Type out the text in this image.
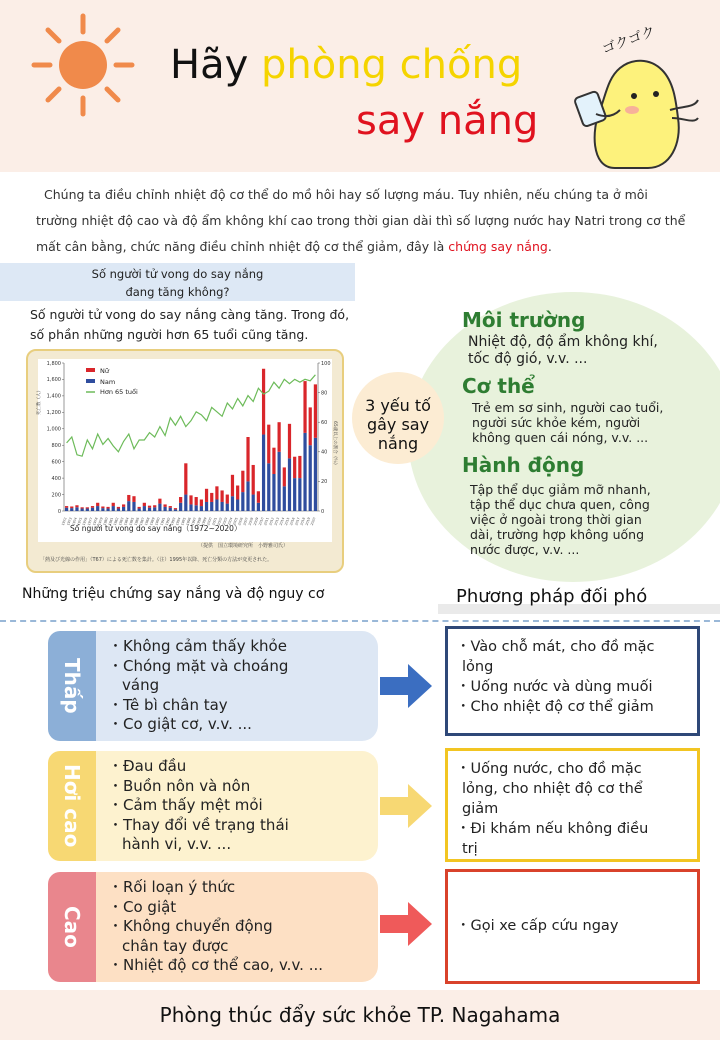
Hãy phòng chống
say nắng
ゴクゴク
Chúng ta điều chỉnh nhiệt độ cơ thể do mồ hôi hay số lượng máu. Tuy nhiên, nếu chúng ta ở môi trường nhiệt độ cao và độ ẩm không khí cao trong thời gian dài thì số lượng nước hay Natri trong cơ thể mất cân bằng, chức năng điều chỉnh nhiệt độ cơ thể giảm, đây là chứng say nắng.
Số người tử vong do say nắng
đang tăng không?
Số người tử vong do say nắng càng tăng. Trong đó, số phần những người hơn 65 tuổi cũng tăng.
0
200
400
600
800
1,000
1,200
1,400
1,600
1,800
0
20
40
60
80
100
1972
1973
1974
1975
1976
1977
1978
1979
1980
1981
1982
1983
1984
1985
1986
1987
1988
1989
1990
1991
1992
1993
1994
1995
1996
1997
1998
1999
2000
2001
2002
2003
2004
2005
2006
2007
2008
2009
2010
2011
2012
2013
2014
2015
2016
2017
2018
2019
2020
死亡数（人）
65歳以上の割合（％）
Nữ
Nam
Hơn 65 tuổi
Số người tử vong do say nắng（1972~2020）
（提供　国立環境研究所　小野雅司氏）
「熱及び光線の作用」（T67）による死亡数を集計。（注）1995年以降、死亡分類の方法が変更された。
3 yếu tố
gây say
nắng
Môi trường
Nhiệt độ, độ ẩm không khí,
tốc độ gió, v.v. ...
Cơ thể
Trẻ em sơ sinh, người cao tuổi,
người sức khỏe kém, người
không quen cái nóng, v.v. ...
Hành động
Tập thể dục giảm mỡ nhanh,
tập thể dục chưa quen, công
việc ở ngoài trong thời gian
dài, trường hợp không uống
nước được, v.v. ...
Những triệu chứng say nắng và độ nguy cơ	Phương pháp đối phó
Thấp
・Không cảm thấy khỏe
・Chóng mặt và choáng
váng
・Tê bì chân tay
・Co giật cơ, v.v. ...
・Vào chỗ mát, cho đồ mặc
lỏng
・Uống nước và dùng muối
・Cho nhiệt độ cơ thể giảm
Hơi cao ・Đau đầu
・Buồn nôn và nôn
・Cảm thấy mệt mỏi
・Thay đổi về trạng thái
hành vi, v.v. ...
・Uống nước, cho đồ mặc
lỏng, cho nhiệt độ cơ thể
giảm
・Đi khám nếu không điều
trị
Cao
・Rối loạn ý thức
・Co giật
・Không chuyển động
chân tay được
・Nhiệt độ cơ thể cao, v.v. ...
・Gọi xe cấp cứu ngay
Phòng thúc đẩy sức khỏe TP. Nagahama
